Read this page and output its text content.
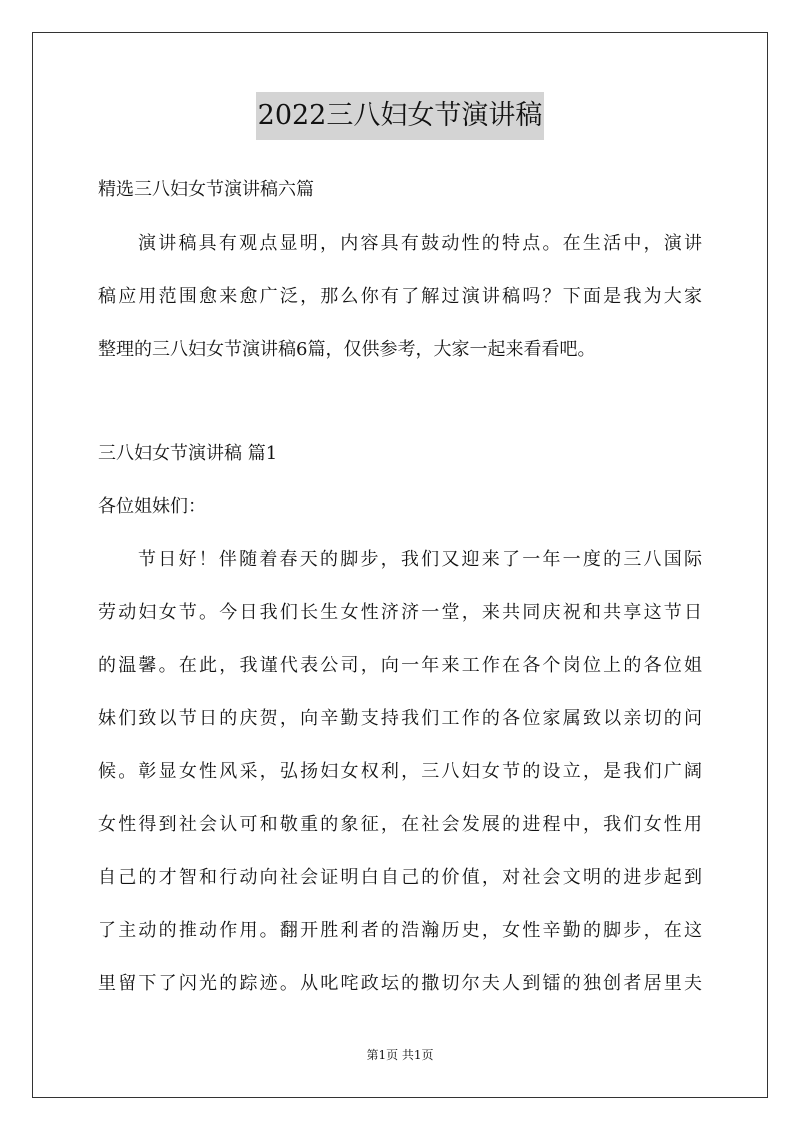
2022三八妇女节演讲稿
精选三八妇女节演讲稿六篇
演讲稿具有观点显明，内容具有鼓动性的特点。在生活中，演讲
稿应用范围愈来愈广泛，那么你有了解过演讲稿吗？下面是我为大家
整理的三八妇女节演讲稿6篇，仅供参考，大家一起来看看吧。
三八妇女节演讲稿 篇1
各位姐妹们：
节日好！伴随着春天的脚步，我们又迎来了一年一度的三八国际
劳动妇女节。今日我们长生女性济济一堂，来共同庆祝和共享这节日
的温馨。在此，我谨代表公司，向一年来工作在各个岗位上的各位姐
妹们致以节日的庆贺，向辛勤支持我们工作的各位家属致以亲切的问
候。彰显女性风采，弘扬妇女权利，三八妇女节的设立，是我们广阔
女性得到社会认可和敬重的象征，在社会发展的进程中，我们女性用
自己的才智和行动向社会证明白自己的价值，对社会文明的进步起到
了主动的推动作用。翻开胜利者的浩瀚历史，女性辛勤的脚步，在这
里留下了闪光的踪迹。从叱咤政坛的撒切尔夫人到镭的独创者居里夫
第1页 共1页
